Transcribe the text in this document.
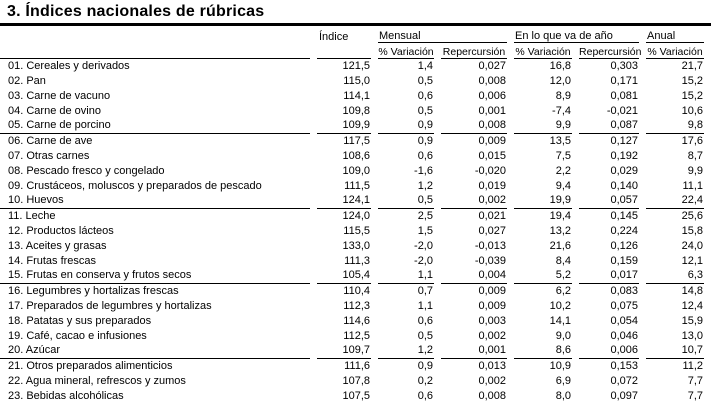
3. Índices nacionales de rúbricas
	Índice	Mensual		En lo que va de año		Anual
		% Variación	Repercursión	% Variación	Repercursión	% Variación
01. Cereales y derivados	121,5	1,4	0,027	16,8	0,303	21,7
02. Pan	115,0	0,5	0,008	12,0	0,171	15,2
03. Carne de vacuno	114,1	0,6	0,006	8,9	0,081	15,2
04. Carne de ovino	109,8	0,5	0,001	-7,4	-0,021	10,6
05. Carne de porcino	109,9	0,9	0,008	9,9	0,087	9,8
06. Carne de ave	117,5	0,9	0,009	13,5	0,127	17,6
07. Otras carnes	108,6	0,6	0,015	7,5	0,192	8,7
08. Pescado fresco y congelado	109,0	-1,6	-0,020	2,2	0,029	9,9
09. Crustáceos, moluscos y preparados de pescado	111,5	1,2	0,019	9,4	0,140	11,1
10. Huevos	124,1	0,5	0,002	19,9	0,057	22,4
11. Leche	124,0	2,5	0,021	19,4	0,145	25,6
12. Productos lácteos	115,5	1,5	0,027	13,2	0,224	15,8
13. Aceites y grasas	133,0	-2,0	-0,013	21,6	0,126	24,0
14. Frutas frescas	111,3	-2,0	-0,039	8,4	0,159	12,1
15. Frutas en conserva y frutos secos	105,4	1,1	0,004	5,2	0,017	6,3
16. Legumbres y hortalizas frescas	110,4	0,7	0,009	6,2	0,083	14,8
17. Preparados de legumbres y hortalizas	112,3	1,1	0,009	10,2	0,075	12,4
18. Patatas y sus preparados	114,6	0,6	0,003	14,1	0,054	15,9
19. Café, cacao e infusiones	112,5	0,5	0,002	9,0	0,046	13,0
20. Azúcar	109,7	1,2	0,001	8,6	0,006	10,7
21. Otros preparados alimenticios	111,6	0,9	0,013	10,9	0,153	11,2
22. Agua mineral, refrescos y zumos	107,8	0,2	0,002	6,9	0,072	7,7
23. Bebidas alcohólicas	107,5	0,6	0,008	8,0	0,097	7,7
